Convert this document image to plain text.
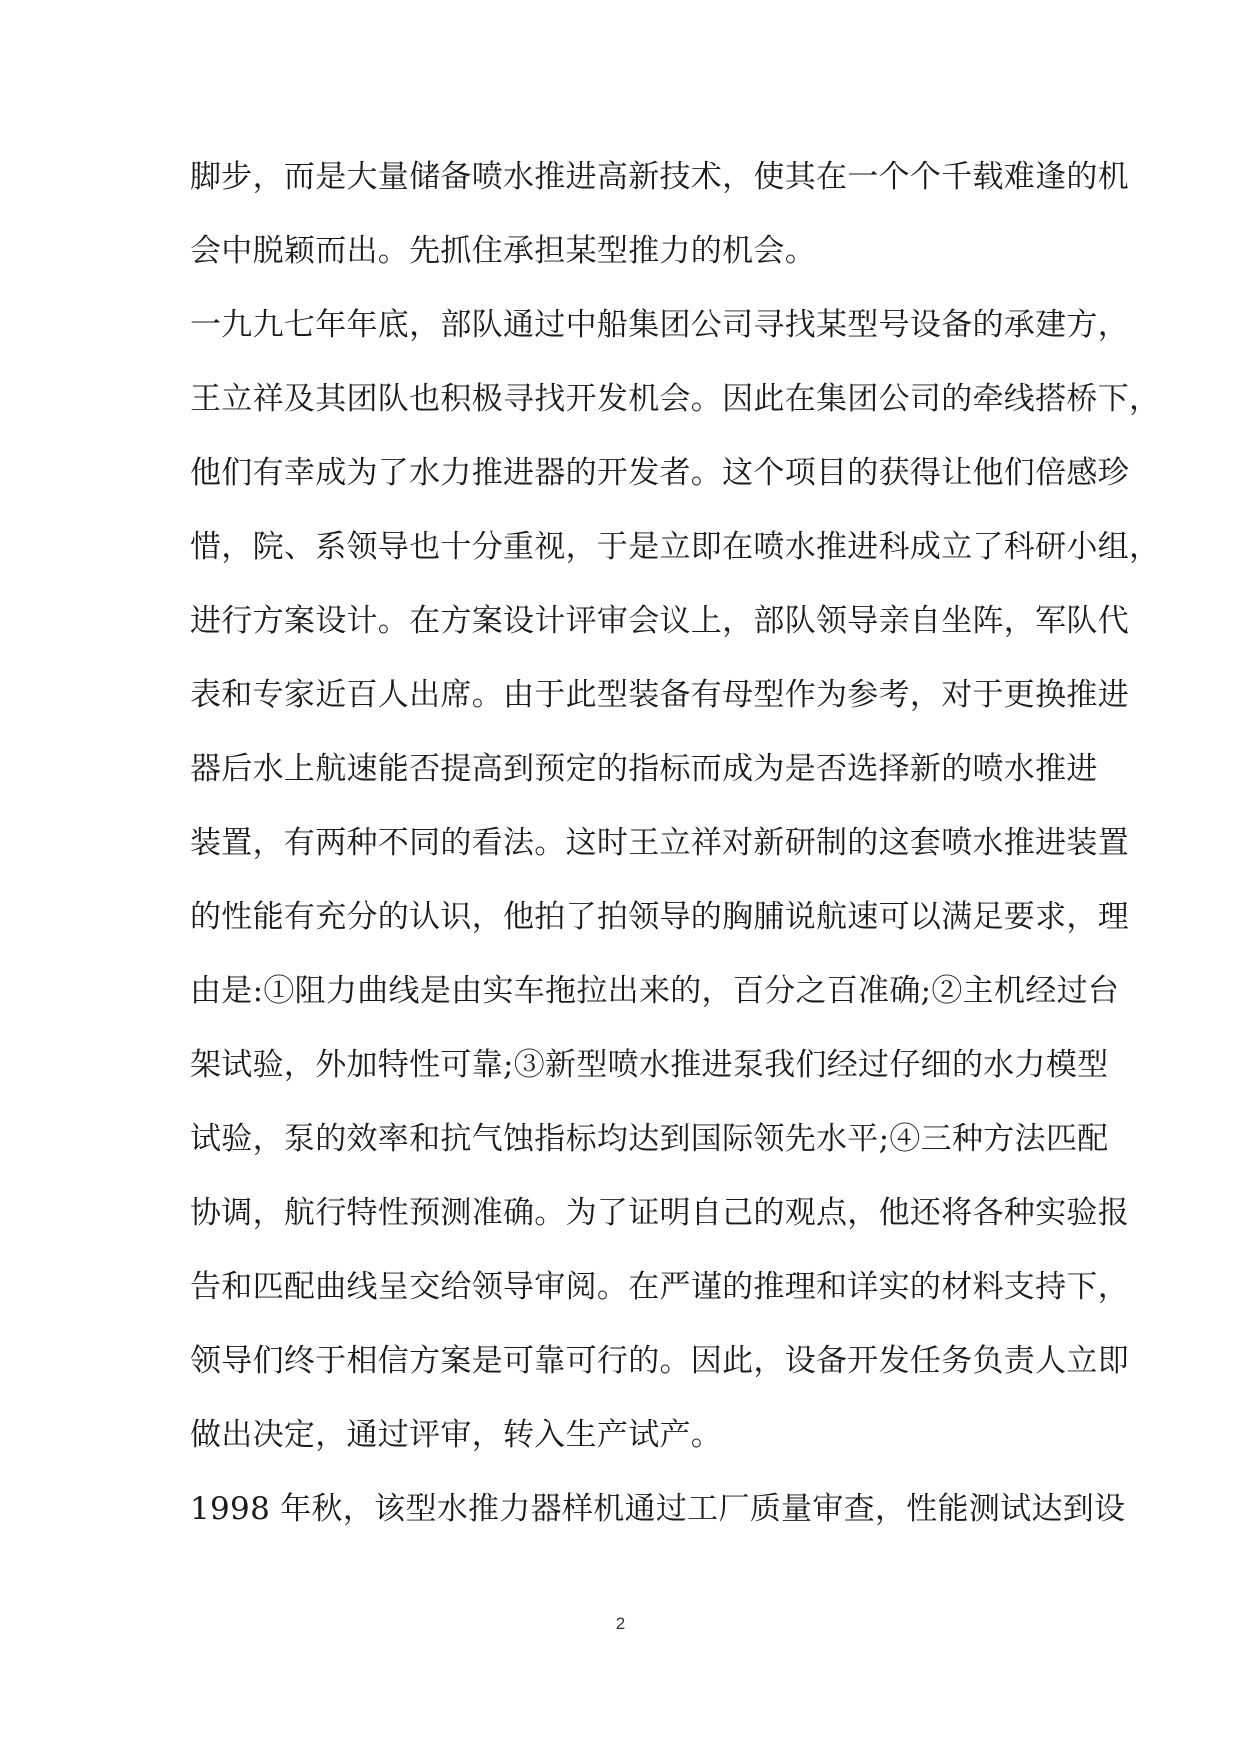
脚步，而是大量储备喷水推进高新技术，使其在一个个千载难逢的机
会中脱颖而出。先抓住承担某型推力的机会。
一九九七年年底，部队通过中船集团公司寻找某型号设备的承建方，
王立祥及其团队也积极寻找开发机会。因此在集团公司的牵线搭桥下，
他们有幸成为了水力推进器的开发者。这个项目的获得让他们倍感珍
惜，院、系领导也十分重视，于是立即在喷水推进科成立了科研小组，
进行方案设计。在方案设计评审会议上，部队领导亲自坐阵，军队代
表和专家近百人出席。由于此型装备有母型作为参考，对于更换推进
器后水上航速能否提高到预定的指标而成为是否选择新的喷水推进
装置，有两种不同的看法。这时王立祥对新研制的这套喷水推进装置
的性能有充分的认识，他拍了拍领导的胸脯说航速可以满足要求，理
由是:①阻力曲线是由实车拖拉出来的，百分之百准确;②主机经过台
架试验，外加特性可靠;③新型喷水推进泵我们经过仔细的水力模型
试验，泵的效率和抗气蚀指标均达到国际领先水平;④三种方法匹配
协调，航行特性预测准确。为了证明自己的观点，他还将各种实验报
告和匹配曲线呈交给领导审阅。在严谨的推理和详实的材料支持下，
领导们终于相信方案是可靠可行的。因此，设备开发任务负责人立即
做出决定，通过评审，转入生产试产。
1998 年秋，该型水推力器样机通过工厂质量审查，性能测试达到设
2
